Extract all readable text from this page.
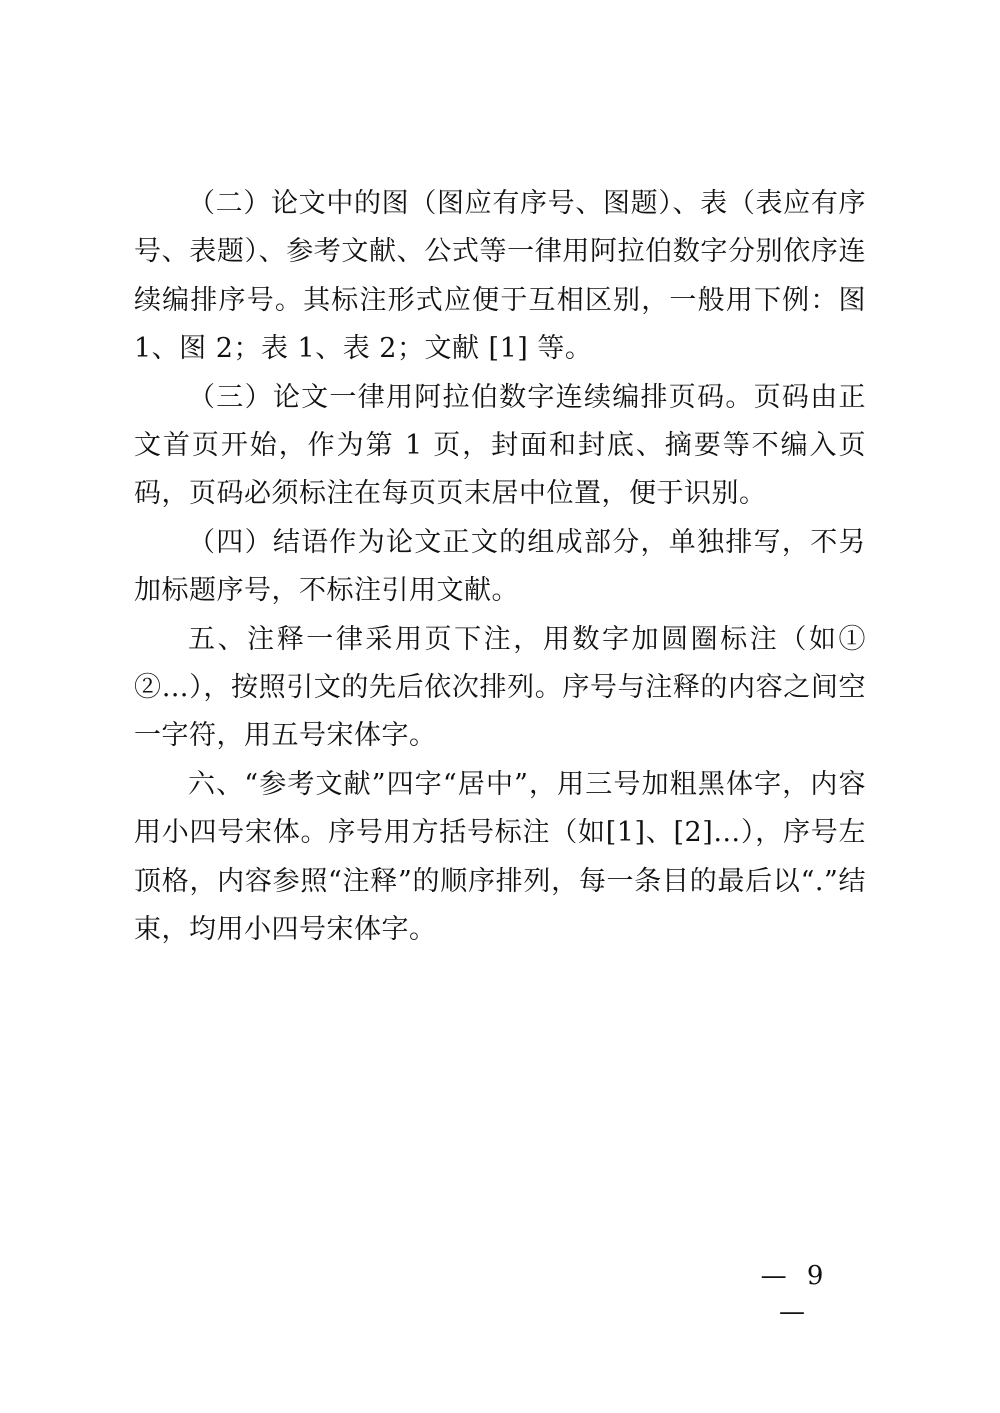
（二）论文中的图（图应有序号、图题）、表（表应有序号、表题）、参考文献、公式等一律用阿拉伯数字分别依序连续编排序号。其标注形式应便于互相区别，一般用下例：图 1、图 2；表 1、表 2；文献 [1] 等。

（三）论文一律用阿拉伯数字连续编排页码。页码由正文首页开始，作为第 1 页，封面和封底、摘要等不编入页码，页码必须标注在每页页末居中位置，便于识别。

（四）结语作为论文正文的组成部分，单独排写，不另加标题序号，不标注引用文献。

五、注释一律采用页下注，用数字加圆圈标注（如① ②…），按照引文的先后依次排列。序号与注释的内容之间空一字符，用五号宋体字。

六、“参考文献”四字“居中”，用三号加粗黑体字，内容用小四号宋体。序号用方括号标注（如[1]、[2]…），序号左顶格，内容参照“注释”的顺序排列，每一条目的最后以“.”结束，均用小四号宋体字。

— 9 —
